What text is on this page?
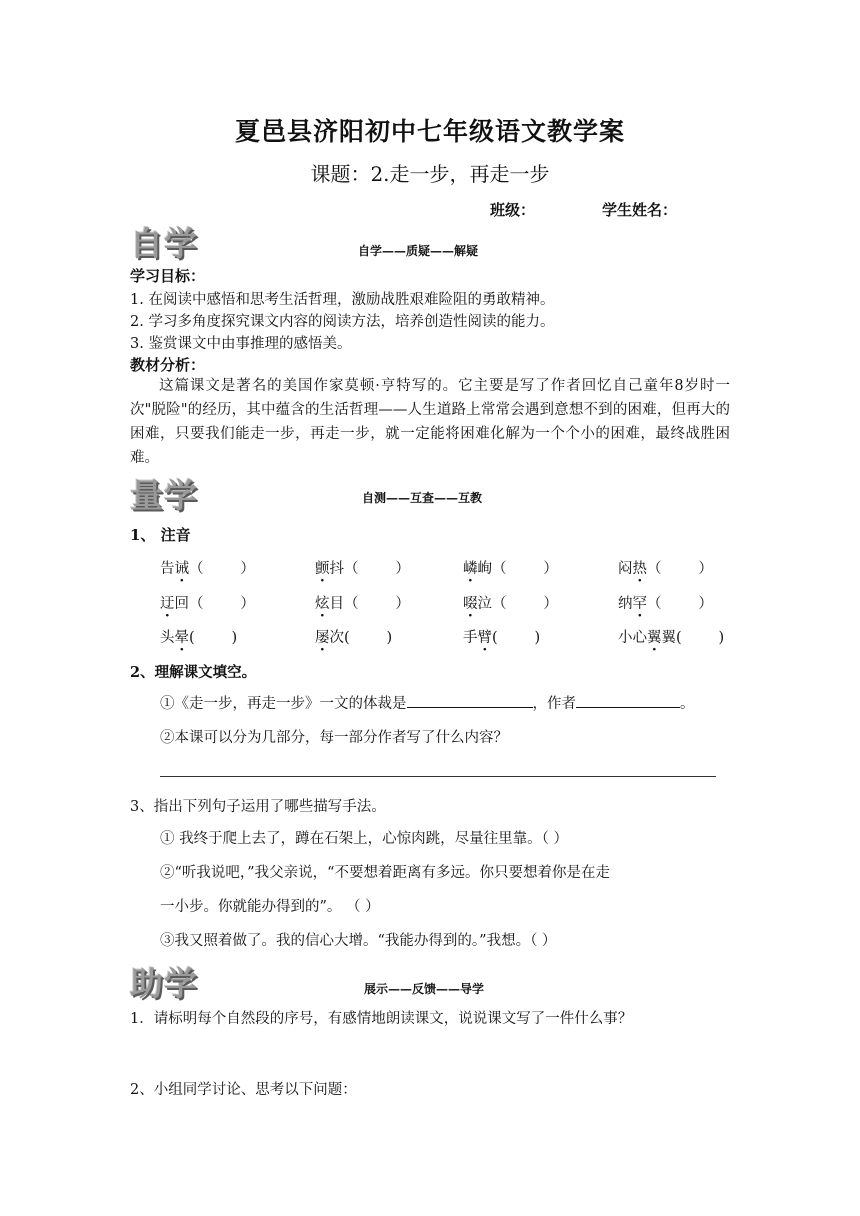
夏邑县济阳初中七年级语文教学案
课题：2.走一步，再走一步
班级：	学生姓名：
自学	自学——质疑——解疑
学习目标：
1. 在阅读中感悟和思考生活哲理，激励战胜艰难险阻的勇敢精神。
2. 学习多角度探究课文内容的阅读方法，培养创造性阅读的能力。
3. 鉴赏课文中由事推理的感悟美。
教材分析：
这篇课文是著名的美国作家莫顿·亨特写的。它主要是写了作者回忆自己童年8岁时一次"脱险"的经历，其中蕴含的生活哲理——人生道路上常常会遇到意想不到的困难，但再大的困难，只要我们能走一步，再走一步，就一定能将困难化解为一个个小的困难，最终战胜困难。
量学	自测——互查——互教
1、 注音
告诫（        ）	颤抖（        ）	嶙峋（        ）	闷热（        ）
迂回（        ）	炫目（        ）	啜泣（        ）	纳罕（        ）
头晕(        )	屡次(        )	手臂(        )	小心翼翼(        )
2、理解课文填空。
①《走一步，再走一步》一文的体裁是	，作者	。
②本课可以分为几部分，每一部分作者写了什么内容？
3、指出下列句子运用了哪些描写手法。
① 我终于爬上去了，蹲在石架上，心惊肉跳，尽量往里靠。（ ）
②“听我说吧，”我父亲说，“不要想着距离有多远。你只要想着你是在走
一小步。你就能办得到的”。 （ ）
③我又照着做了。我的信心大增。“我能办得到的。”我想。（ ）
助学	展示——反馈——导学
1．请标明每个自然段的序号，有感情地朗读课文，说说课文写了一件什么事？
2、小组同学讨论、思考以下问题：
